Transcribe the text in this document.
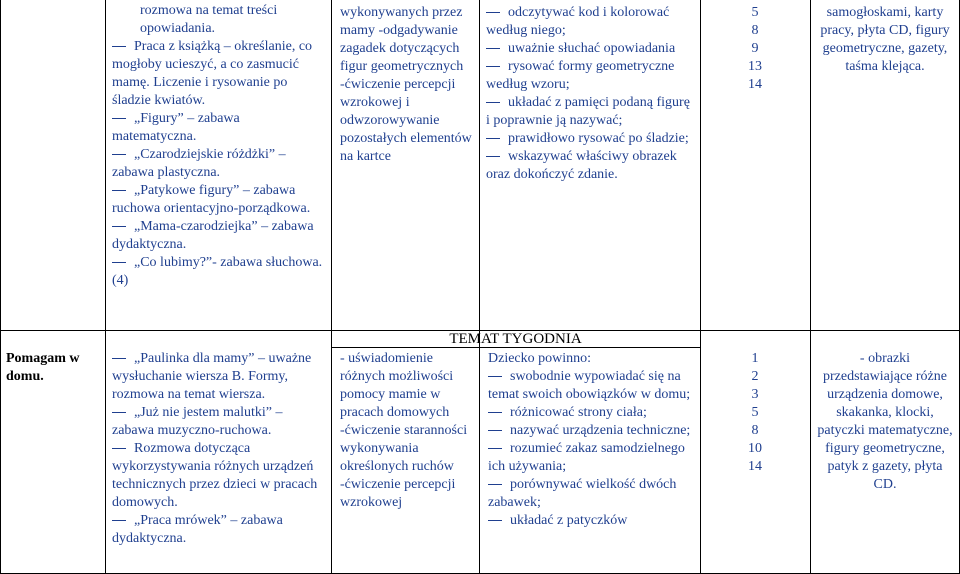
rozmowa na temat treści opowiadania.

Praca z książką – określanie, co mogłoby ucieszyć, a co zasmucić mamę. Liczenie i rysowanie po śladzie kwiatów.

„Figury” – zabawa matematyczna.

„Czarodziejskie różdżki” – zabawa plastyczna.

„Patykowe figury” – zabawa ruchowa orientacyjno-porządkowa.

„Mama-czarodziejka” – zabawa dydaktyczna.

„Co lubimy?”- zabawa słuchowa. (4)

wykonywanych przez mamy -odgadywanie zagadek dotyczących figur geometrycznych -ćwiczenie percepcji wzrokowej i odwzorowywanie pozostałych elementów na kartce

odczytywać kod i kolorować według niego;

uważnie słuchać opowiadania

rysować formy geometryczne według wzoru;

układać z pamięci podaną figurę i poprawnie ją nazywać;

prawidłowo rysować po śladzie;

wskazywać właściwy obrazek oraz dokończyć zdanie.

5

8

9

13

14

samogłoskami, karty pracy, płyta CD, figury geometryczne, gazety, taśma klejąca.

TEMAT TYGODNIA

Pomagam w domu.

„Paulinka dla mamy” – uważne wysłuchanie wiersza B. Formy, rozmowa na temat wiersza.

„Już nie jestem malutki” – zabawa muzyczno-ruchowa.

Rozmowa dotycząca wykorzystywania różnych urządzeń technicznych przez dzieci w pracach domowych.

„Praca mrówek” – zabawa dydaktyczna.

- uświadomienie różnych możliwości pomocy mamie w pracach domowych -ćwiczenie staranności wykonywania określonych ruchów -ćwiczenie percepcji wzrokowej

Dziecko powinno:

swobodnie wypowiadać się na temat swoich obowiązków w domu;

różnicować strony ciała;

nazywać urządzenia techniczne;

rozumieć zakaz samodzielnego ich używania;

porównywać wielkość dwóch zabawek;

układać z patyczków

1

2

3

5

8

10

14

- obrazki przedstawiające różne urządzenia domowe, skakanka, klocki, patyczki matematyczne, figury geometryczne, patyk z gazety, płyta CD.
